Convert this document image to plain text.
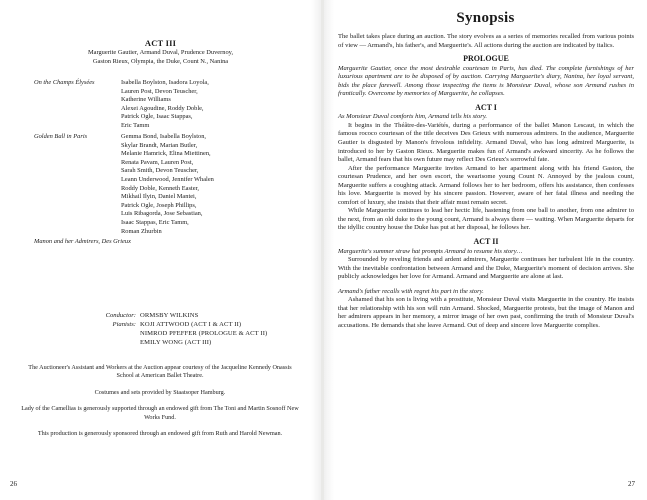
ACT III
Marguerite Gautier, Armand Duval, Prudence Duvernoy,
Gaston Rieux, Olympia, the Duke, Count N., Nanina
On the Champs Élysées	Isabella Boylston, Isadora Loyola,
Lauren Post, Devon Teuscher,
Katherine Williams
Alexei Agoudine, Roddy Doble,
Patrick Ogle, Isaac Stappas,
Eric Tamm
Golden Ball in Paris	Gemma Bond, Isabella Boylston,
Skylar Brandt, Marian Butler,
Melanie Hamrick, Elina Miettinen,
Renata Pavam, Lauren Post,
Sarah Smith, Devon Teuscher,
Leann Underwood, Jennifer Whalen
Roddy Doble, Kenneth Easter,
Mikhail Ilyin, Daniel Mantei,
Patrick Ogle, Joseph Phillips,
Luis Ribagorda, Jose Sebastian,
Isaac Stappas, Eric Tamm,
Roman Zhurbin
Manon and her Admirers, Des Grieux
Conductor: ORMSBY WILKINS
Pianists: KOJI ATTWOOD (ACT I & ACT II)
NIMROD PFEFFER (PROLOGUE & ACT II)
EMILY WONG (ACT III)

The Auctioneer's Assistant and Workers at the Auction appear courtesy of the Jacqueline Kennedy Onassis School at American Ballet Theatre.

Costumes and sets provided by Staatsoper Hamburg.

Lady of the Camellias is generously supported through an endowed gift from The Toni and Martin Sosnoff New Works Fund.

This production is generously sponsored through an endowed gift from Ruth and Harold Newman.

26
Synopsis

The ballet takes place during an auction. The story evolves as a series of memories recalled from various points of view — Armand's, his father's, and Marguerite's. All actions during the auction are indicated by italics.

PROLOGUE

Marguerite Gautier, once the most desirable courtesan in Paris, has died. The complete furnishings of her luxurious apartment are to be disposed of by auction. Carrying Marguerite's diary, Nanina, her loyal servant, bids the place farewell. Among those inspecting the items is Monsieur Duval, whose son Armand rushes in frantically. Overcome by memories of Marguerite, he collapses.

ACT I

As Monsieur Duval comforts him, Armand tells his story.

It begins in the Théâtre-des-Variétés, during a performance of the ballet Manon Lescaut, in which the famous rococo courtesan of the title deceives Des Grieux with numerous admirers. In the audience, Marguerite Gautier is disgusted by Manon's frivolous infidelity. Armand Duval, who has long admired Marguerite, is introduced to her by Gaston Rieux. Marguerite makes fun of Armand's awkward sincerity. As he follows the ballet, Armand fears that his own future may reflect Des Grieux's sorrowful fate.

After the performance Marguerite invites Armand to her apartment along with his friend Gaston, the courtesan Prudence, and her own escort, the wearisome young Count N. Annoyed by the jealous count, Marguerite suffers a coughing attack. Armand follows her to her bedroom, offers his assistance, then confesses his love. Marguerite is moved by his sincere passion. However, aware of her fatal illness and needing the comfort of luxury, she insists that their affair must remain secret.

While Marguerite continues to lead her hectic life, hastening from one ball to another, from one admirer to the next, from an old duke to the young count, Armand is always there — waiting. When Marguerite departs for the idyllic country house the Duke has put at her disposal, he follows her.

ACT II

Marguerite's summer straw hat prompts Armand to resume his story…

Surrounded by reveling friends and ardent admirers, Marguerite continues her turbulent life in the country. With the inevitable confrontation between Armand and the Duke, Marguerite's moment of decision arrives. She publicly acknowledges her love for Armand. Armand and Marguerite are alone at last.

Armand's father recalls with regret his part in the story.

Ashamed that his son is living with a prostitute, Monsieur Duval visits Marguerite in the country. He insists that her relationship with his son will ruin Armand. Shocked, Marguerite protests, but the image of Manon and her admirers appears in her memory, a mirror image of her own past, confirming the truth of Monsieur Duval's accusations. He demands that she leave Armand. Out of deep and sincere love Marguerite complies.

27
